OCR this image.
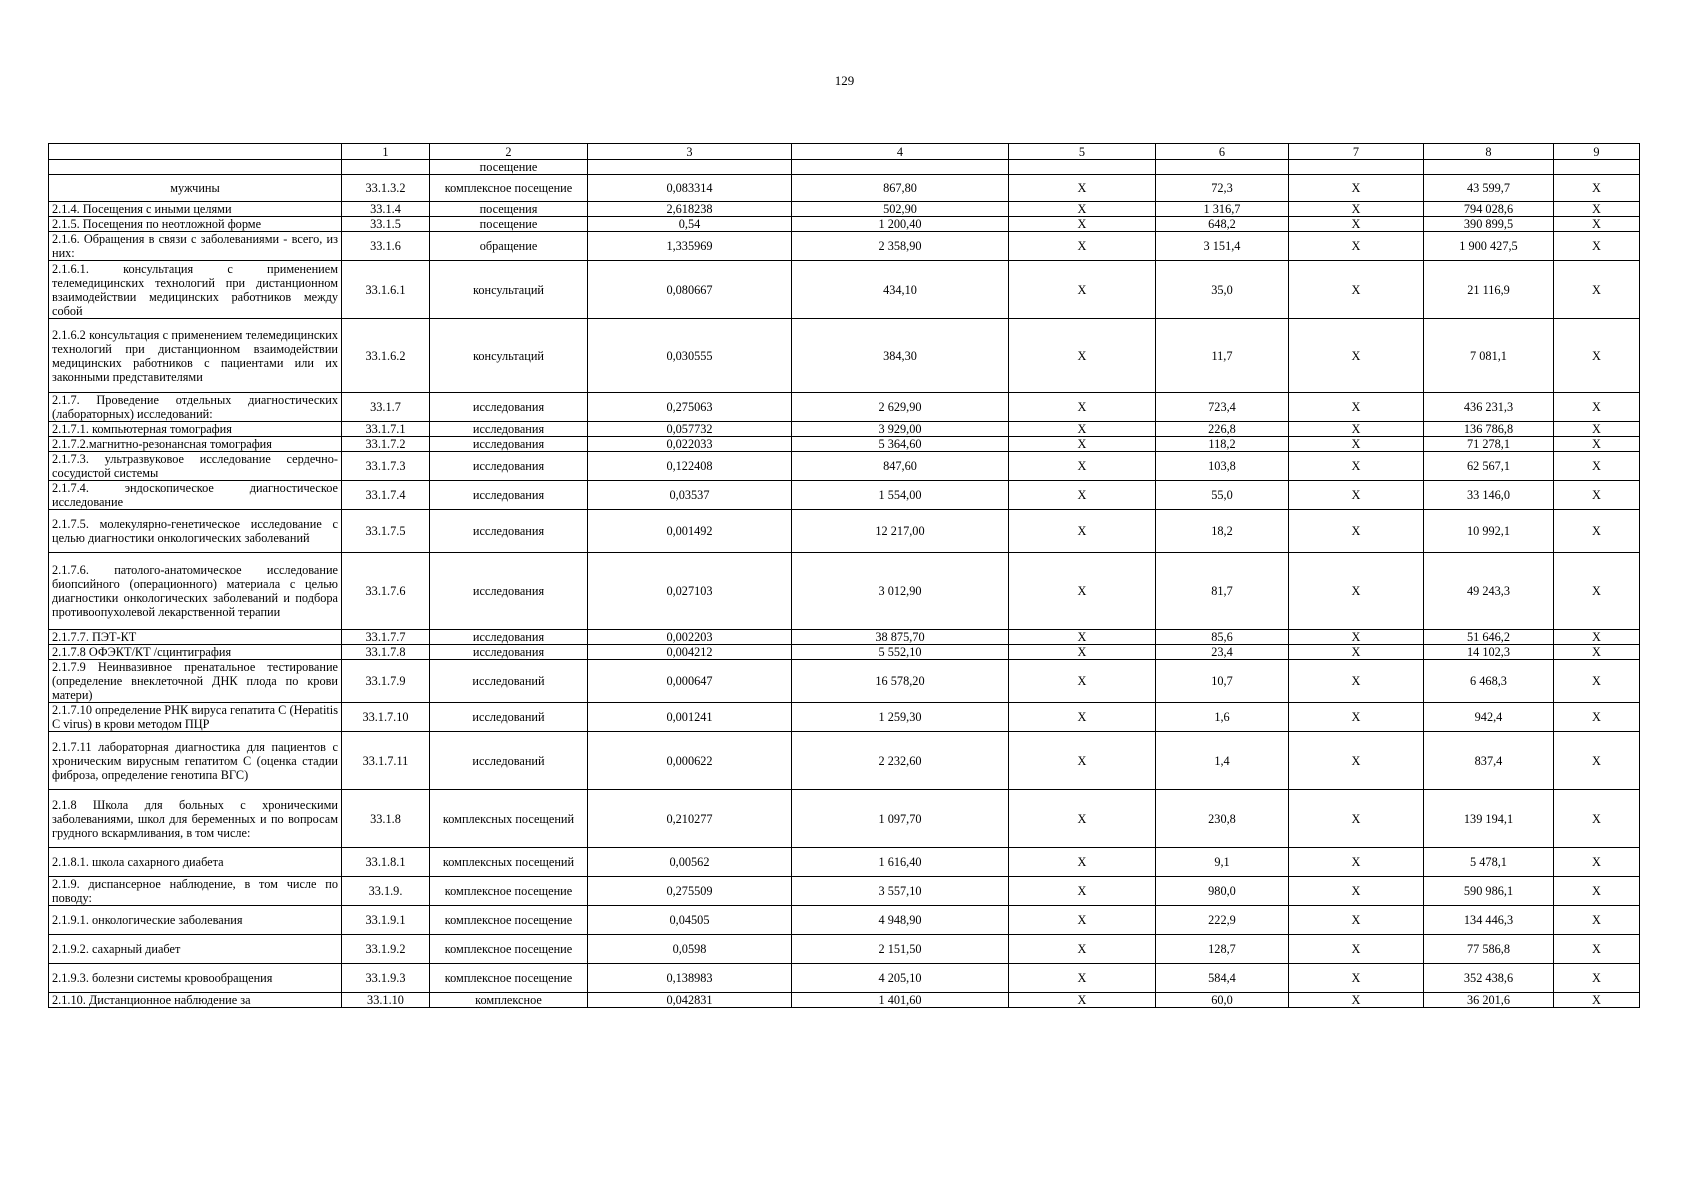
129
	1	2	3	4	5	6	7	8	9
		посещение							
мужчины	33.1.3.2	комплексное посещение	0,083314	867,80	Х	72,3	Х	43 599,7	Х
2.1.4. Посещения с иными целями	33.1.4	посещения	2,618238	502,90	Х	1 316,7	Х	794 028,6	Х
2.1.5. Посещения по неотложной форме	33.1.5	посещение	0,54	1 200,40	Х	648,2	Х	390 899,5	Х
2.1.6. Обращения в связи с заболеваниями - всего, из них:	33.1.6	обращение	1,335969	2 358,90	Х	3 151,4	Х	1 900 427,5	Х
2.1.6.1. консультация с применением телемедицинских технологий при дистанционном взаимодействии медицинских работников между собой	33.1.6.1	консультаций	0,080667	434,10	Х	35,0	Х	21 116,9	Х
2.1.6.2 консультация с применением телемедицинских технологий при дистанционном взаимодействии медицинских работников с пациентами или их законными представителями	33.1.6.2	консультаций	0,030555	384,30	Х	11,7	Х	7 081,1	Х
2.1.7. Проведение отдельных диагностических (лабораторных) исследований:	33.1.7	исследования	0,275063	2 629,90	Х	723,4	Х	436 231,3	Х
2.1.7.1. компьютерная томография	33.1.7.1	исследования	0,057732	3 929,00	Х	226,8	Х	136 786,8	Х
2.1.7.2.магнитно-резонансная томография	33.1.7.2	исследования	0,022033	5 364,60	Х	118,2	Х	71 278,1	Х
2.1.7.3. ультразвуковое исследование сердечно-сосудистой системы	33.1.7.3	исследования	0,122408	847,60	Х	103,8	Х	62 567,1	Х
2.1.7.4. эндоскопическое диагностическое исследование	33.1.7.4	исследования	0,03537	1 554,00	Х	55,0	Х	33 146,0	Х
2.1.7.5. молекулярно-генетическое исследование с целью диагностики онкологических заболеваний	33.1.7.5	исследования	0,001492	12 217,00	Х	18,2	Х	10 992,1	Х
2.1.7.6. патолого-анатомическое исследование биопсийного (операционного) материала с целью диагностики онкологических заболеваний и подбора противоопухолевой лекарственной терапии	33.1.7.6	исследования	0,027103	3 012,90	Х	81,7	Х	49 243,3	Х
2.1.7.7. ПЭТ-КТ	33.1.7.7	исследования	0,002203	38 875,70	Х	85,6	Х	51 646,2	Х
2.1.7.8 ОФЭКТ/КТ /сцинтиграфия	33.1.7.8	исследования	0,004212	5 552,10	Х	23,4	Х	14 102,3	Х
2.1.7.9 Неинвазивное пренатальное тестирование (определение внеклеточной ДНК плода по крови матери)	33.1.7.9	исследований	0,000647	16 578,20	Х	10,7	Х	6 468,3	Х
2.1.7.10 определение РНК вируса гепатита С (Hepatitis C virus) в крови методом ПЦР	33.1.7.10	исследований	0,001241	1 259,30	Х	1,6	Х	942,4	Х
2.1.7.11 лабораторная диагностика для пациентов с хроническим вирусным гепатитом С (оценка стадии фиброза, определение генотипа ВГС)	33.1.7.11	исследований	0,000622	2 232,60	Х	1,4	Х	837,4	Х
2.1.8 Школа для больных с хроническими заболеваниями, школ для беременных и по вопросам грудного вскармливания, в том числе:	33.1.8	комплексных посещений	0,210277	1 097,70	Х	230,8	Х	139 194,1	Х
2.1.8.1. школа сахарного диабета	33.1.8.1	комплексных посещений	0,00562	1 616,40	Х	9,1	Х	5 478,1	Х
2.1.9. диспансерное наблюдение, в том числе по поводу:	33.1.9.	комплексное посещение	0,275509	3 557,10	Х	980,0	Х	590 986,1	Х
2.1.9.1. онкологические заболевания	33.1.9.1	комплексное посещение	0,04505	4 948,90	Х	222,9	Х	134 446,3	Х
2.1.9.2. сахарный диабет	33.1.9.2	комплексное посещение	0,0598	2 151,50	Х	128,7	Х	77 586,8	Х
2.1.9.3. болезни системы кровообращения	33.1.9.3	комплексное посещение	0,138983	4 205,10	Х	584,4	Х	352 438,6	Х
2.1.10. Дистанционное наблюдение за	33.1.10	комплексное	0,042831	1 401,60	Х	60,0	Х	36 201,6	Х
